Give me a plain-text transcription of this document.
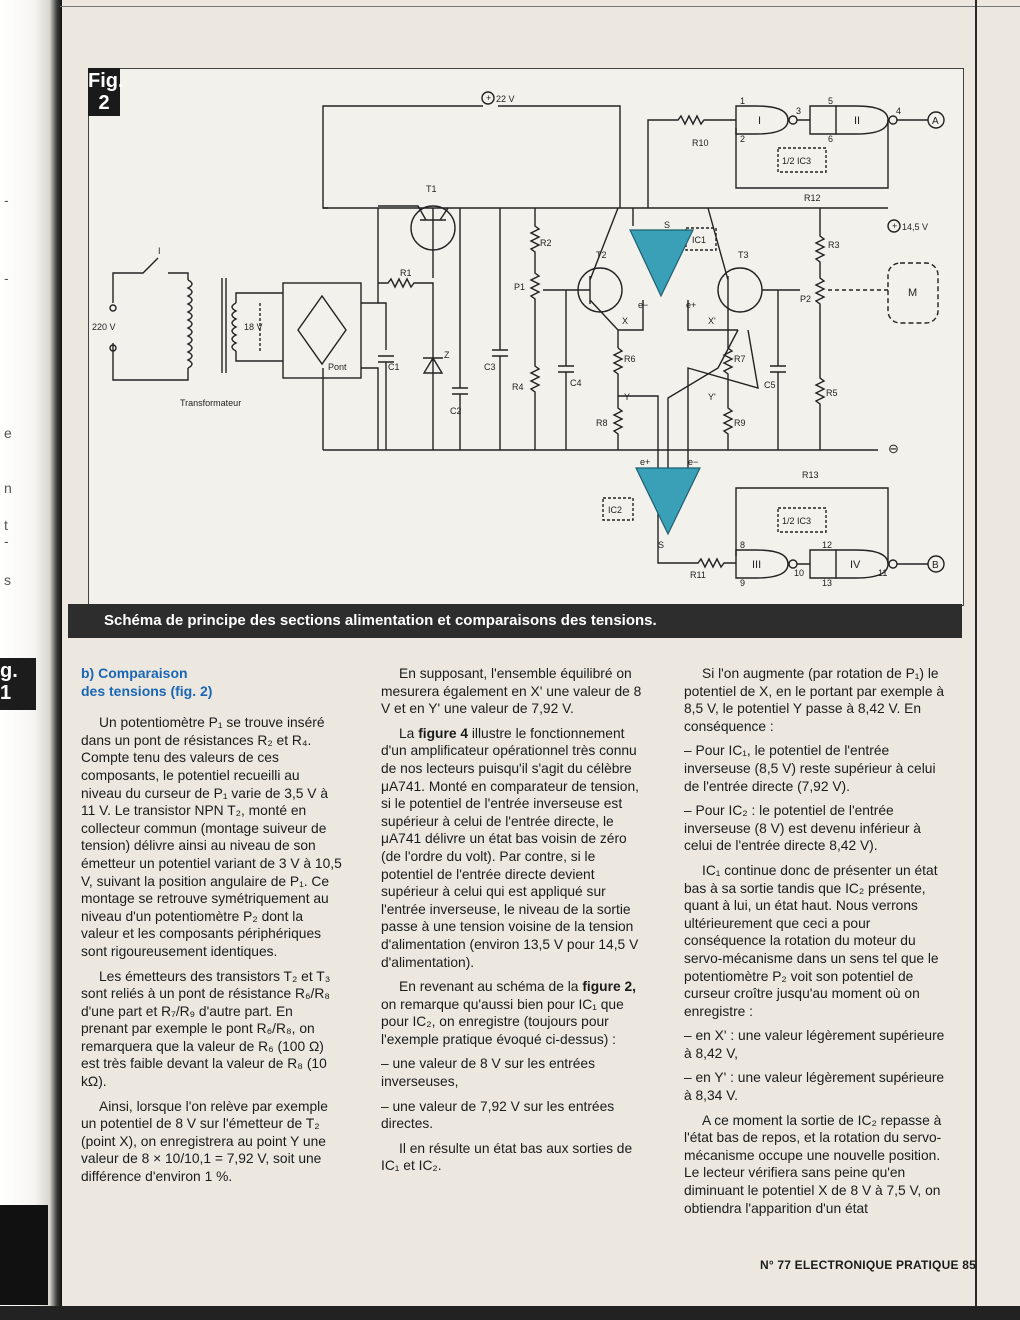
-
-
e
n
t
-
s
g.
1
22 V
14,5 V
⊖
R10
R12
R13
R11
R1
R2	R3
R4
R5
R6	R7
R8	R9
P1
P2
C1
C2
C3
C4	C5
T1
T2	T3
IC1
IC2
1/2 IC3
1/2 IC3
I	II
III	IV
A
B
M
Z
I
220 V	18 V
Transformateur
Pont
X	X'
Y	Y'
S
S
e−	e+
e+	e−
1
2
3	4
5
6
8
9
10	11
12
13
+
+
Fig.
2
Schéma de principe des sections alimentation et comparaisons des tensions.
b) Comparaison
des tensions (fig. 2)

Un potentiomètre P₁ se trouve inséré dans un pont de résistances R₂ et R₄. Compte tenu des valeurs de ces composants, le potentiel recueilli au niveau du curseur de P₁ varie de 3,5 V à 11 V. Le transistor NPN T₂, monté en collecteur commun (montage suiveur de tension) délivre ainsi au niveau de son émetteur un potentiel variant de 3 V à 10,5 V, suivant la position angulaire de P₁. Ce montage se retrouve symétriquement au niveau d'un potentiomètre P₂ dont la valeur et les composants périphériques sont rigoureusement identiques.

Les émetteurs des transistors T₂ et T₃ sont reliés à un pont de résistance R₆/R₈ d'une part et R₇/R₉ d'autre part. En prenant par exemple le pont R₆/R₈, on remarquera que la valeur de R₆ (100 Ω) est très faible devant la valeur de R₈ (10 kΩ).

Ainsi, lorsque l'on relève par exemple un potentiel de 8 V sur l'émetteur de T₂ (point X), on enregistrera au point Y une valeur de 8 × 10/10,1 = 7,92 V, soit une différence d'environ 1 %.

En supposant, l'ensemble équilibré on mesurera également en X' une valeur de 8 V et en Y' une valeur de 7,92 V.

La figure 4 illustre le fonctionnement d'un amplificateur opérationnel très connu de nos lecteurs puisqu'il s'agit du célèbre μA741. Monté en comparateur de tension, si le potentiel de l'entrée inverseuse est supérieur à celui de l'entrée directe, le μA741 délivre un état bas voisin de zéro (de l'ordre du volt). Par contre, si le potentiel de l'entrée directe devient supérieur à celui qui est appliqué sur l'entrée inverseuse, le niveau de la sortie passe à une tension voisine de la tension d'alimentation (environ 13,5 V pour 14,5 V d'alimentation).

En revenant au schéma de la figure 2, on remarque qu'aussi bien pour IC₁ que pour IC₂, on enregistre (toujours pour l'exemple pratique évoqué ci-dessus) :

– une valeur de 8 V sur les entrées inverseuses,

– une valeur de 7,92 V sur les entrées directes.

Il en résulte un état bas aux sorties de IC₁ et IC₂.

Si l'on augmente (par rotation de P₁) le potentiel de X, en le portant par exemple à 8,5 V, le potentiel Y passe à 8,42 V. En conséquence :

– Pour IC₁, le potentiel de l'entrée inverseuse (8,5 V) reste supérieur à celui de l'entrée directe (7,92 V).

– Pour IC₂ : le potentiel de l'entrée inverseuse (8 V) est devenu inférieur à celui de l'entrée directe 8,42 V).

IC₁ continue donc de présenter un état bas à sa sortie tandis que IC₂ présente, quant à lui, un état haut. Nous verrons ultérieurement que ceci a pour conséquence la rotation du moteur du servo-mécanisme dans un sens tel que le potentiomètre P₂ voit son potentiel de curseur croître jusqu'au moment où on enregistre :

– en X' : une valeur légèrement supérieure à 8,42 V,

– en Y' : une valeur légèrement supérieure à 8,34 V.

A ce moment la sortie de IC₂ repasse à l'état bas de repos, et la rotation du servo-mécanisme occupe une nouvelle position. Le lecteur vérifiera sans peine qu'en diminuant le potentiel X de 8 V à 7,5 V, on obtiendra l'apparition d'un état

N° 77 ELECTRONIQUE PRATIQUE 85
